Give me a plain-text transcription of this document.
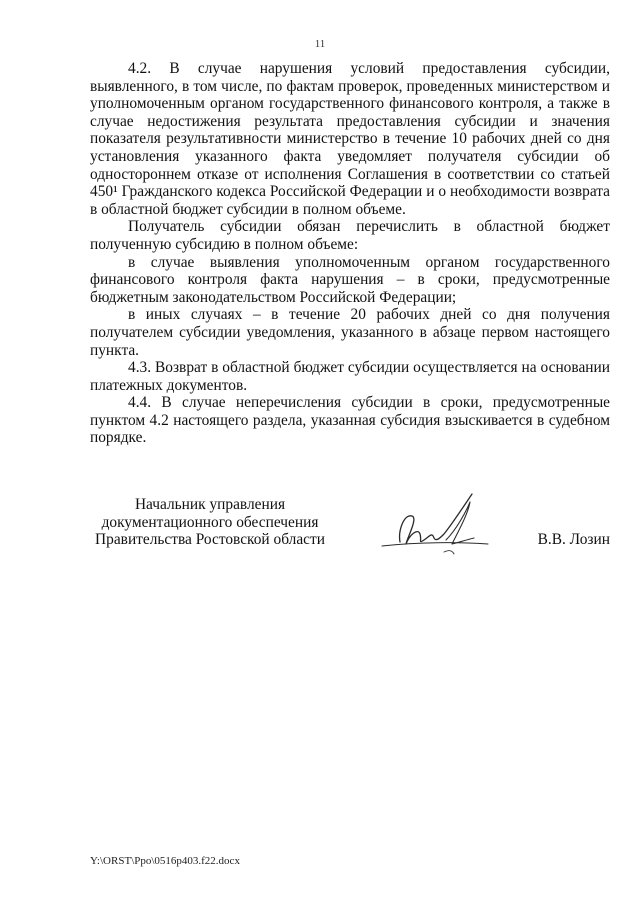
11

4.2. В случае нарушения условий предоставления субсидии, выявленного, в том числе, по фактам проверок, проведенных министерством и уполномоченным органом государственного финансового контроля, а также в случае недостижения результата предоставления субсидии и значения показателя результативности министерство в течение 10 рабочих дней со дня установления указанного факта уведомляет получателя субсидии об одностороннем отказе от исполнения Соглашения в соответствии со статьей 450¹ Гражданского кодекса Российской Федерации и о необходимости возврата в областной бюджет субсидии в полном объеме.

Получатель субсидии обязан перечислить в областной бюджет полученную субсидию в полном объеме:

в случае выявления уполномоченным органом государственного финансового контроля факта нарушения – в сроки, предусмотренные бюджетным законодательством Российской Федерации;

в иных случаях – в течение 20 рабочих дней со дня получения получателем субсидии уведомления, указанного в абзаце первом настоящего пункта.

4.3. Возврат в областной бюджет субсидии осуществляется на основании платежных документов.

4.4. В случае неперечисления субсидии в сроки, предусмотренные пунктом 4.2 настоящего раздела, указанная субсидия взыскивается в судебном порядке.

Начальник управления
документационного обеспечения
Правительства Ростовской области	В.В. Лозин
Y:\ORST\Ppo\0516p403.f22.docx
